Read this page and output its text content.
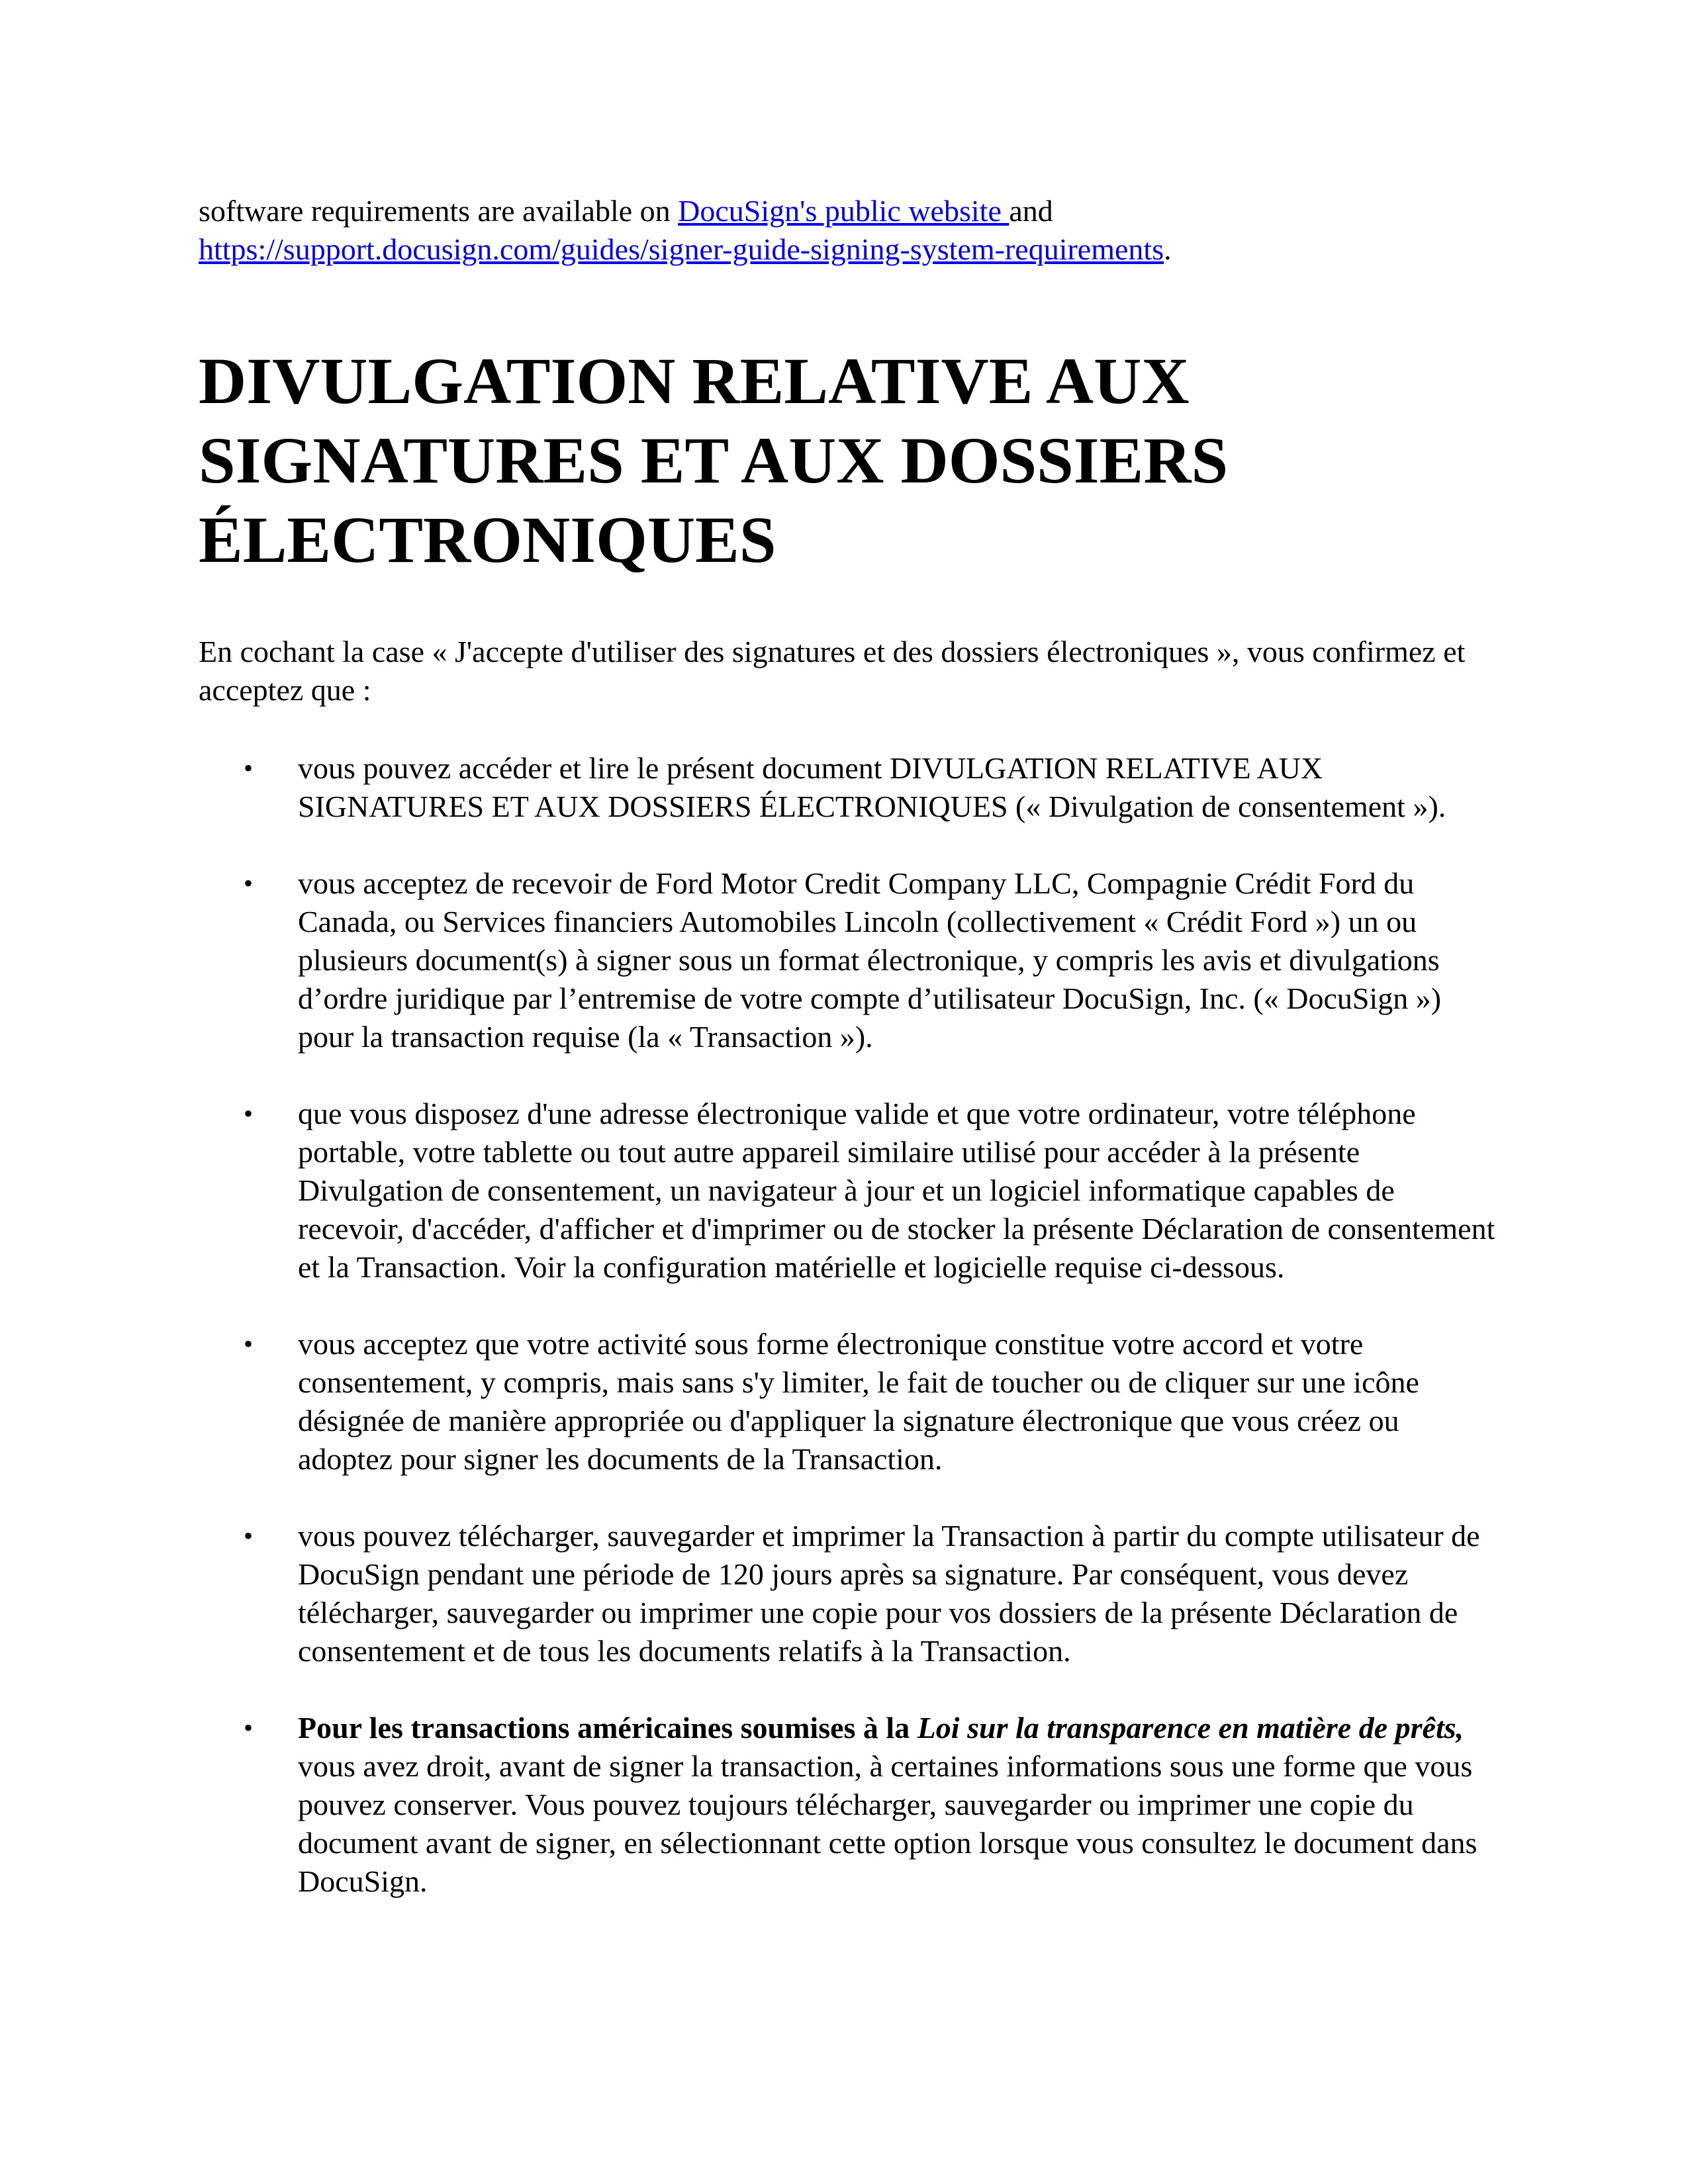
software requirements are available on DocuSign's public website and
https://support.docusign.com/guides/signer-guide-signing-system-requirements.

DIVULGATION RELATIVE AUX SIGNATURES ET AUX DOSSIERS ÉLECTRONIQUES

En cochant la case « J'accepte d'utiliser des signatures et des dossiers électroniques », vous confirmez et acceptez que :

• vous pouvez accéder et lire le présent document DIVULGATION RELATIVE AUX SIGNATURES ET AUX DOSSIERS ÉLECTRONIQUES (« Divulgation de consentement »).
• vous acceptez de recevoir de Ford Motor Credit Company LLC, Compagnie Crédit Ford du Canada, ou Services financiers Automobiles Lincoln (collectivement « Crédit Ford ») un ou plusieurs document(s) à signer sous un format électronique, y compris les avis et divulgations d’ordre juridique par l’entremise de votre compte d’utilisateur DocuSign, Inc. (« DocuSign ») pour la transaction requise (la « Transaction »).
• que vous disposez d'une adresse électronique valide et que votre ordinateur, votre téléphone portable, votre tablette ou tout autre appareil similaire utilisé pour accéder à la présente Divulgation de consentement, un navigateur à jour et un logiciel informatique capables de recevoir, d'accéder, d'afficher et d'imprimer ou de stocker la présente Déclaration de consentement et la Transaction. Voir la configuration matérielle et logicielle requise ci-dessous.
• vous acceptez que votre activité sous forme électronique constitue votre accord et votre consentement, y compris, mais sans s'y limiter, le fait de toucher ou de cliquer sur une icône désignée de manière appropriée ou d'appliquer la signature électronique que vous créez ou adoptez pour signer les documents de la Transaction.
• vous pouvez télécharger, sauvegarder et imprimer la Transaction à partir du compte utilisateur de DocuSign pendant une période de 120 jours après sa signature. Par conséquent, vous devez télécharger, sauvegarder ou imprimer une copie pour vos dossiers de la présente Déclaration de consentement et de tous les documents relatifs à la Transaction.
• Pour les transactions américaines soumises à la Loi sur la transparence en matière de prêts, vous avez droit, avant de signer la transaction, à certaines informations sous une forme que vous pouvez conserver. Vous pouvez toujours télécharger, sauvegarder ou imprimer une copie du document avant de signer, en sélectionnant cette option lorsque vous consultez le document dans DocuSign.
